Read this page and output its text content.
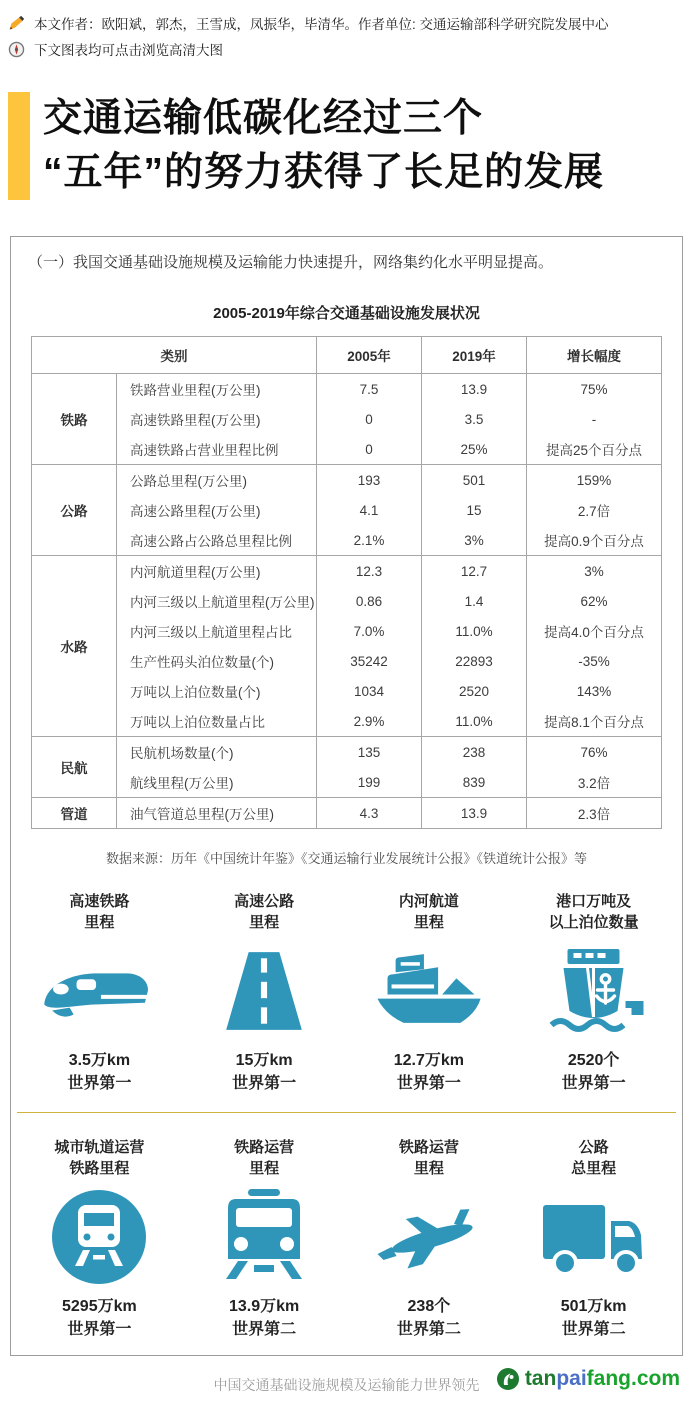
本文作者：欧阳斌，郭杰，王雪成，凤振华，毕清华。作者单位: 交通运输部科学研究院发展中心
下文图表均可点击浏览高清大图
交通运输低碳化经过三个
“五年”的努力获得了长足的发展
（一）我国交通基础设施规模及运输能力快速提升，网络集约化水平明显提高。
2005-2019年综合交通基础设施发展状况
类别		2005年	2019年	增长幅度
铁路	铁路营业里程(万公里)	7.5	13.9	75%
	高速铁路里程(万公里)	0	3.5	-
	高速铁路占营业里程比例	0	25%	提高25个百分点
公路	公路总里程(万公里)	193	501	159%
	高速公路里程(万公里)	4.1	15	2.7倍
	高速公路占公路总里程比例	2.1%	3%	提高0.9个百分点
水路	内河航道里程(万公里)	12.3	12.7	3%
	内河三级以上航道里程(万公里)	0.86	1.4	62%
	内河三级以上航道里程占比	7.0%	11.0%	提高4.0个百分点
	生产性码头泊位数量(个)	35242	22893	-35%
	万吨以上泊位数量(个)	1034	2520	143%
	万吨以上泊位数量占比	2.9%	11.0%	提高8.1个百分点
民航	民航机场数量(个)	135	238	76%
	航线里程(万公里)	199	839	3.2倍
管道	油气管道总里程(万公里)	4.3	13.9	2.3倍
数据来源：历年《中国统计年鉴》《交通运输行业发展统计公报》《铁道统计公报》等
高速铁路
里程
3.5万km
世界第一
高速公路
里程
15万km
世界第一
内河航道
里程
12.7万km
世界第一
港口万吨及
以上泊位数量
2520个
世界第一
城市轨道运营
铁路里程
5295万km
世界第一
铁路运营
里程
13.9万km
世界第二
铁路运营
里程
238个
世界第二
公路
总里程
501万km
世界第二
中国交通基础设施规模及运输能力世界领先	tanpaifang.com
